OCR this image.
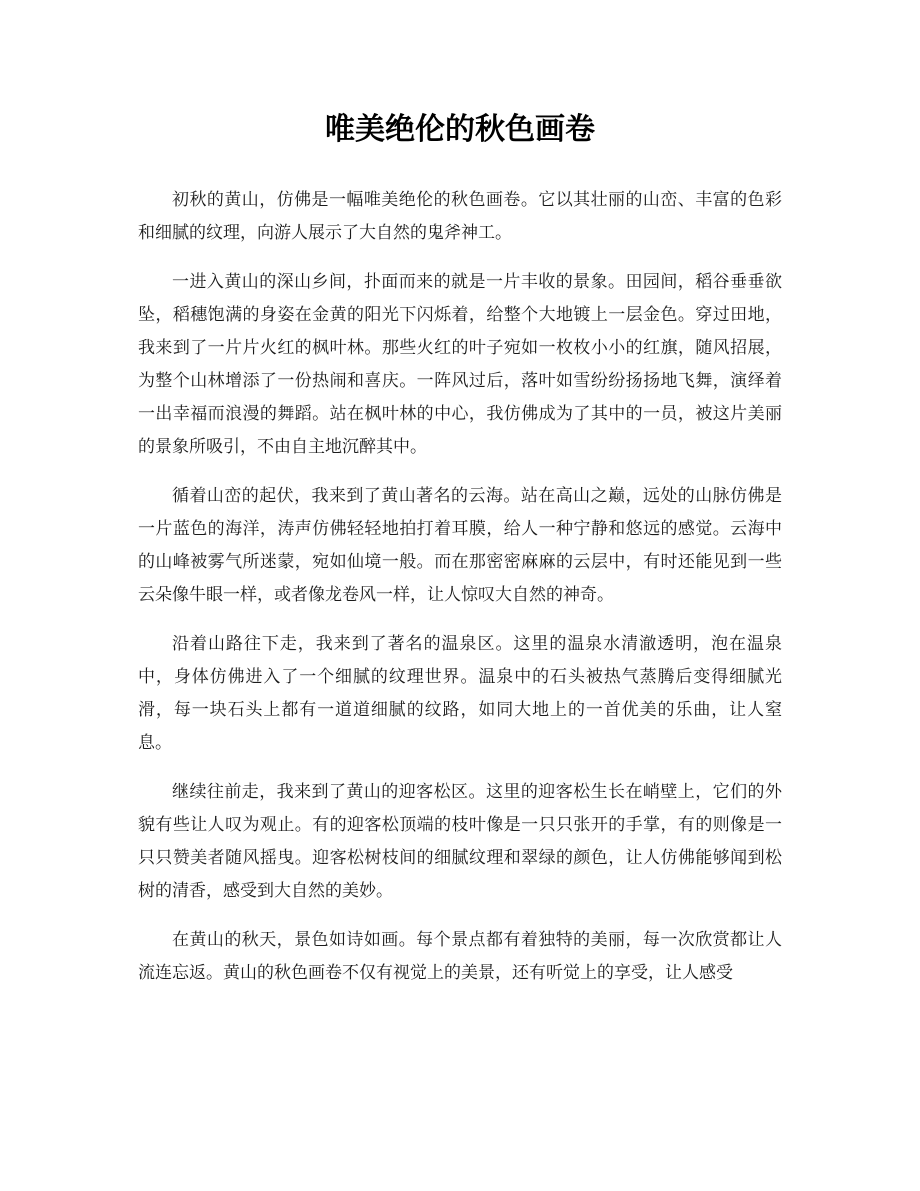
唯美绝伦的秋色画卷

初秋的黄山，仿佛是一幅唯美绝伦的秋色画卷。它以其壮丽的山峦、丰富的色彩和细腻的纹理，向游人展示了大自然的鬼斧神工。

一进入黄山的深山乡间，扑面而来的就是一片丰收的景象。田园间，稻谷垂垂欲坠，稻穗饱满的身姿在金黄的阳光下闪烁着，给整个大地镀上一层金色。穿过田地，我来到了一片片火红的枫叶林。那些火红的叶子宛如一枚枚小小的红旗，随风招展，为整个山林增添了一份热闹和喜庆。一阵风过后，落叶如雪纷纷扬扬地飞舞，演绎着一出幸福而浪漫的舞蹈。站在枫叶林的中心，我仿佛成为了其中的一员，被这片美丽的景象所吸引，不由自主地沉醉其中。

循着山峦的起伏，我来到了黄山著名的云海。站在高山之巅，远处的山脉仿佛是一片蓝色的海洋，涛声仿佛轻轻地拍打着耳膜，给人一种宁静和悠远的感觉。云海中的山峰被雾气所迷蒙，宛如仙境一般。而在那密密麻麻的云层中，有时还能见到一些云朵像牛眼一样，或者像龙卷风一样，让人惊叹大自然的神奇。

沿着山路往下走，我来到了著名的温泉区。这里的温泉水清澈透明，泡在温泉中，身体仿佛进入了一个细腻的纹理世界。温泉中的石头被热气蒸腾后变得细腻光滑，每一块石头上都有一道道细腻的纹路，如同大地上的一首优美的乐曲，让人窒息。

继续往前走，我来到了黄山的迎客松区。这里的迎客松生长在峭壁上，它们的外貌有些让人叹为观止。有的迎客松顶端的枝叶像是一只只张开的手掌，有的则像是一只只赞美者随风摇曳。迎客松树枝间的细腻纹理和翠绿的颜色，让人仿佛能够闻到松树的清香，感受到大自然的美妙。

在黄山的秋天，景色如诗如画。每个景点都有着独特的美丽，每一次欣赏都让人流连忘返。黄山的秋色画卷不仅有视觉上的美景，还有听觉上的享受，让人感受
